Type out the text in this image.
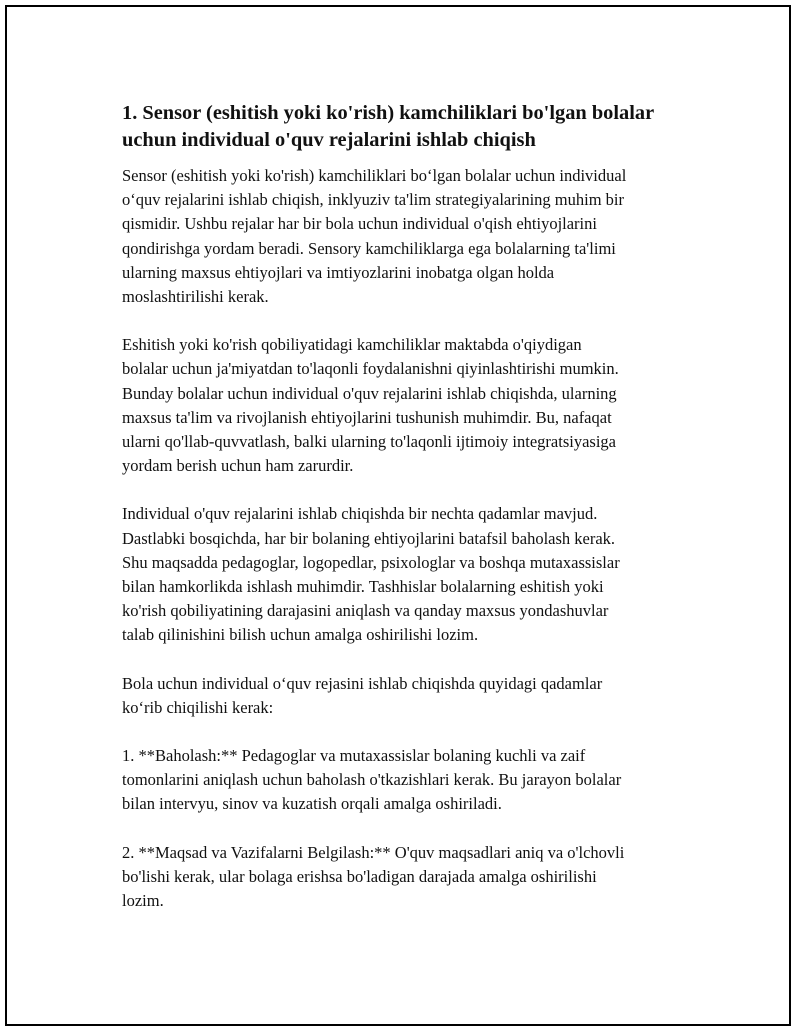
1. Sensor (eshitish yoki ko'rish) kamchiliklari bo'lgan bolalar
uchun individual o'quv rejalarini ishlab chiqish

Sensor (eshitish yoki ko'rish) kamchiliklari bo‘lgan bolalar uchun individual
o‘quv rejalarini ishlab chiqish, inklyuziv ta'lim strategiyalarining muhim bir
qismidir. Ushbu rejalar har bir bola uchun individual o'qish ehtiyojlarini
qondirishga yordam beradi. Sensory kamchiliklarga ega bolalarning ta'limi
ularning maxsus ehtiyojlari va imtiyozlarini inobatga olgan holda
moslashtirilishi kerak.

Eshitish yoki ko'rish qobiliyatidagi kamchiliklar maktabda o'qiydigan
bolalar uchun ja'miyatdan to'laqonli foydalanishni qiyinlashtirishi mumkin.
Bunday bolalar uchun individual o'quv rejalarini ishlab chiqishda, ularning
maxsus ta'lim va rivojlanish ehtiyojlarini tushunish muhimdir. Bu, nafaqat
ularni qo'llab-quvvatlash, balki ularning to'laqonli ijtimoiy integratsiyasiga
yordam berish uchun ham zarurdir.

Individual o'quv rejalarini ishlab chiqishda bir nechta qadamlar mavjud.
Dastlabki bosqichda, har bir bolaning ehtiyojlarini batafsil baholash kerak.
Shu maqsadda pedagoglar, logopedlar, psixologlar va boshqa mutaxassislar
bilan hamkorlikda ishlash muhimdir. Tashhislar bolalarning eshitish yoki
ko'rish qobiliyatining darajasini aniqlash va qanday maxsus yondashuvlar
talab qilinishini bilish uchun amalga oshirilishi lozim.

Bola uchun individual o‘quv rejasini ishlab chiqishda quyidagi qadamlar
ko‘rib chiqilishi kerak:

1. **Baholash:** Pedagoglar va mutaxassislar bolaning kuchli va zaif
tomonlarini aniqlash uchun baholash o'tkazishlari kerak. Bu jarayon bolalar
bilan intervyu, sinov va kuzatish orqali amalga oshiriladi.

2. **Maqsad va Vazifalarni Belgilash:** O'quv maqsadlari aniq va o'lchovli
bo'lishi kerak, ular bolaga erishsa bo'ladigan darajada amalga oshirilishi
lozim.
